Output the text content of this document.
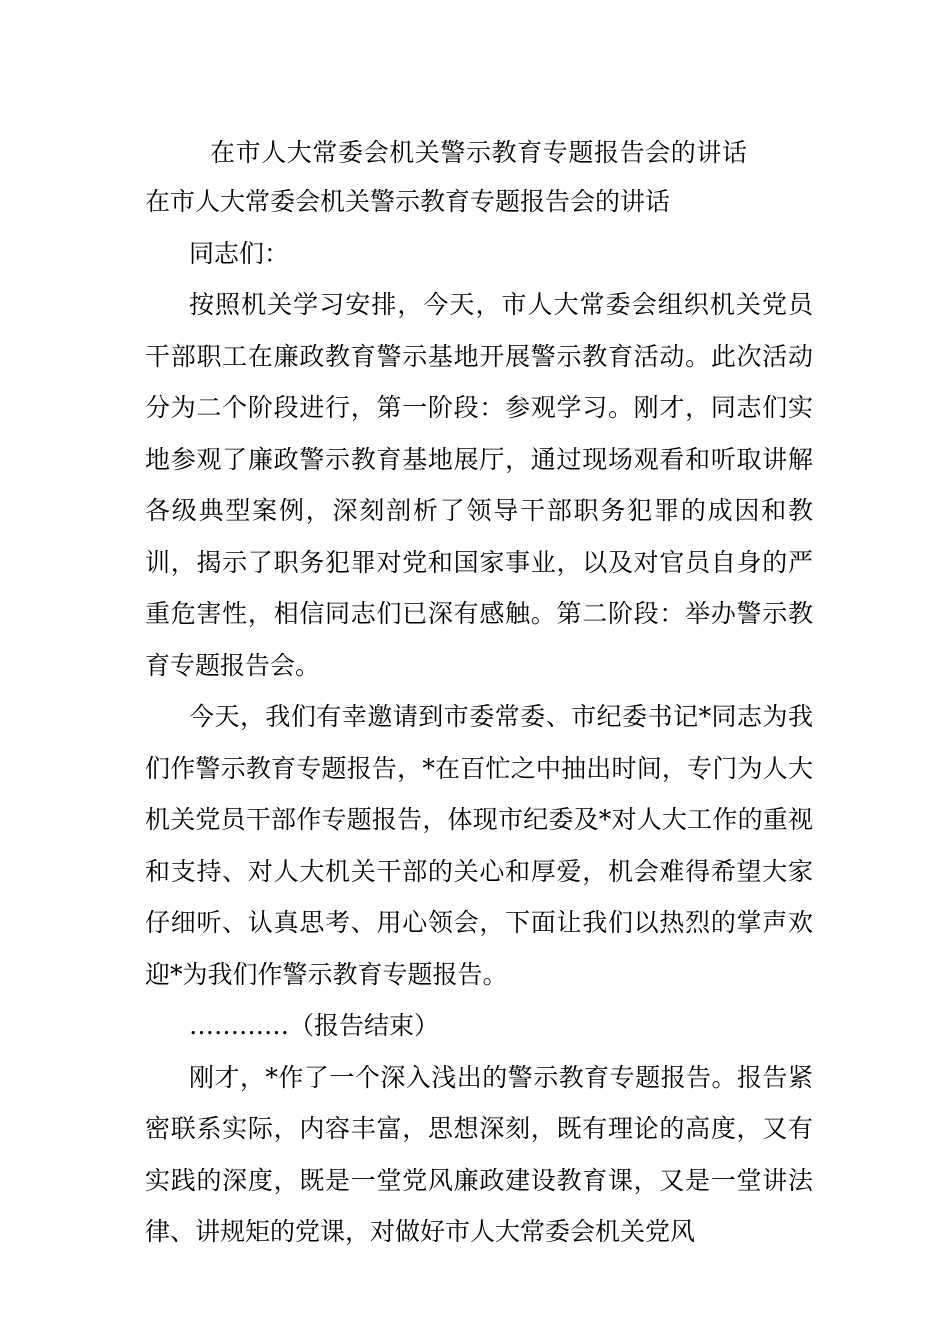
在市人大常委会机关警示教育专题报告会的讲话

在市人大常委会机关警示教育专题报告会的讲话

同志们：

按照机关学习安排，今天，市人大常委会组织机关党员干部职工在廉政教育警示基地开展警示教育活动。此次活动分为二个阶段进行，第一阶段：参观学习。刚才，同志们实地参观了廉政警示教育基地展厅，通过现场观看和听取讲解各级典型案例，深刻剖析了领导干部职务犯罪的成因和教训，揭示了职务犯罪对党和国家事业，以及对官员自身的严重危害性，相信同志们已深有感触。第二阶段：举办警示教育专题报告会。

今天，我们有幸邀请到市委常委、市纪委书记*同志为我们作警示教育专题报告，*在百忙之中抽出时间，专门为人大机关党员干部作专题报告，体现市纪委及*对人大工作的重视和支持、对人大机关干部的关心和厚爱，机会难得希望大家仔细听、认真思考、用心领会，下面让我们以热烈的掌声欢迎*为我们作警示教育专题报告。

…………（报告结束）

刚才，*作了一个深入浅出的警示教育专题报告。报告紧密联系实际，内容丰富，思想深刻，既有理论的高度，又有实践的深度，既是一堂党风廉政建设教育课，又是一堂讲法律、讲规矩的党课，对做好市人大常委会机关党风
